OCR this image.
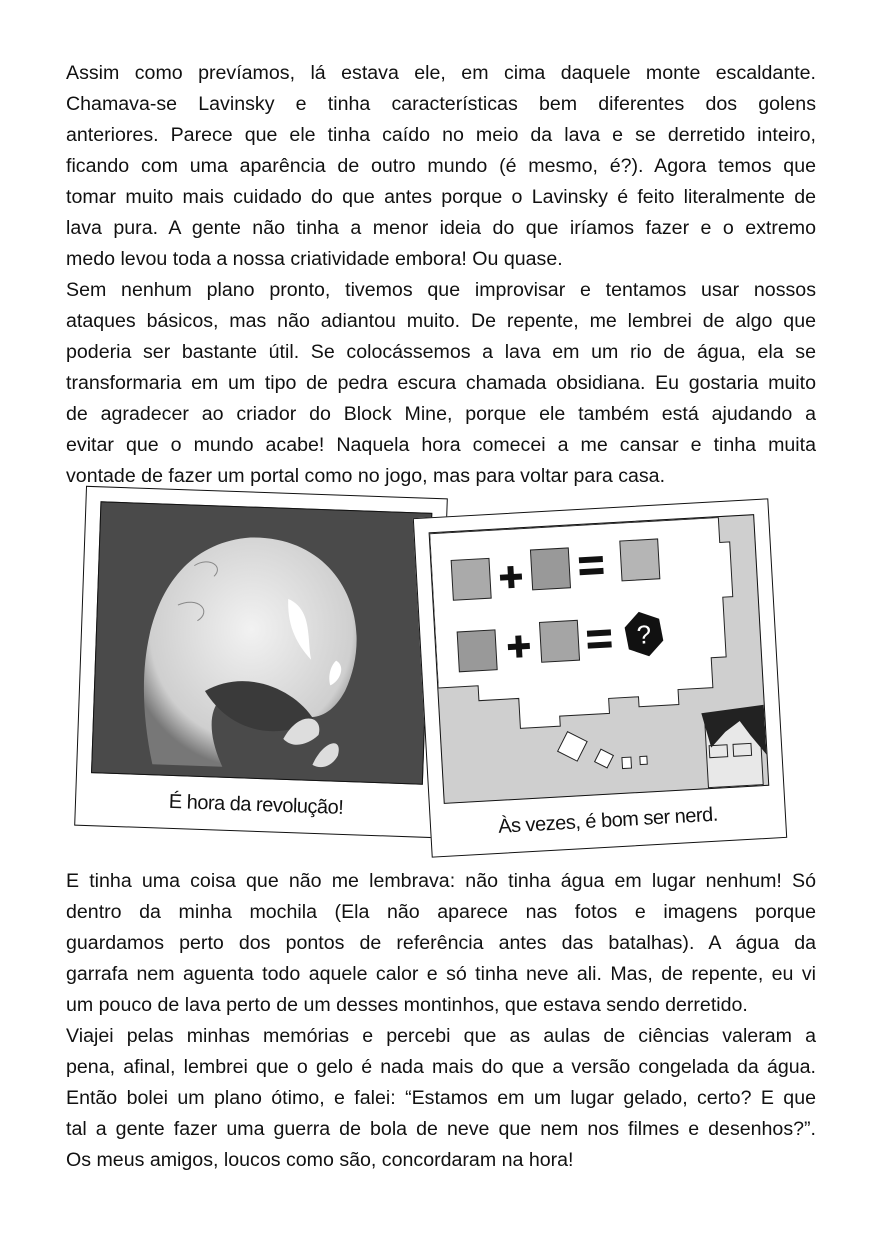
Assim como prevíamos, lá estava ele, em cima daquele monte escaldante.
Chamava-se Lavinsky e tinha características bem diferentes dos golens
anteriores. Parece que ele tinha caído no meio da lava e se derretido inteiro,
ficando com uma aparência de outro mundo (é mesmo, é?). Agora temos que
tomar muito mais cuidado do que antes porque o Lavinsky é feito literalmente de
lava pura. A gente não tinha a menor ideia do que iríamos fazer e o extremo
medo levou toda a nossa criatividade embora! Ou quase.
Sem nenhum plano pronto, tivemos que improvisar e tentamos usar nossos
ataques básicos, mas não adiantou muito. De repente, me lembrei de algo que
poderia ser bastante útil. Se colocássemos a lava em um rio de água, ela se
transformaria em um tipo de pedra escura chamada obsidiana. Eu gostaria muito
de agradecer ao criador do Block Mine, porque ele também está ajudando a
evitar que o mundo acabe! Naquela hora comecei a me cansar e tinha muita
vontade de fazer um portal como no jogo, mas para voltar para casa.
É hora da revolução!
?
Às vezes, é bom ser nerd.
E tinha uma coisa que não me lembrava: não tinha água em lugar nenhum! Só
dentro da minha mochila (Ela não aparece nas fotos e imagens porque
guardamos perto dos pontos de referência antes das batalhas). A água da
garrafa nem aguenta todo aquele calor e só tinha neve ali. Mas, de repente, eu vi
um pouco de lava perto de um desses montinhos, que estava sendo derretido.
Viajei pelas minhas memórias e percebi que as aulas de ciências valeram a
pena, afinal, lembrei que o gelo é nada mais do que a versão congelada da água.
Então bolei um plano ótimo, e falei: “Estamos em um lugar gelado, certo? E que
tal a gente fazer uma guerra de bola de neve que nem nos filmes e desenhos?”.
Os meus amigos, loucos como são, concordaram na hora!
